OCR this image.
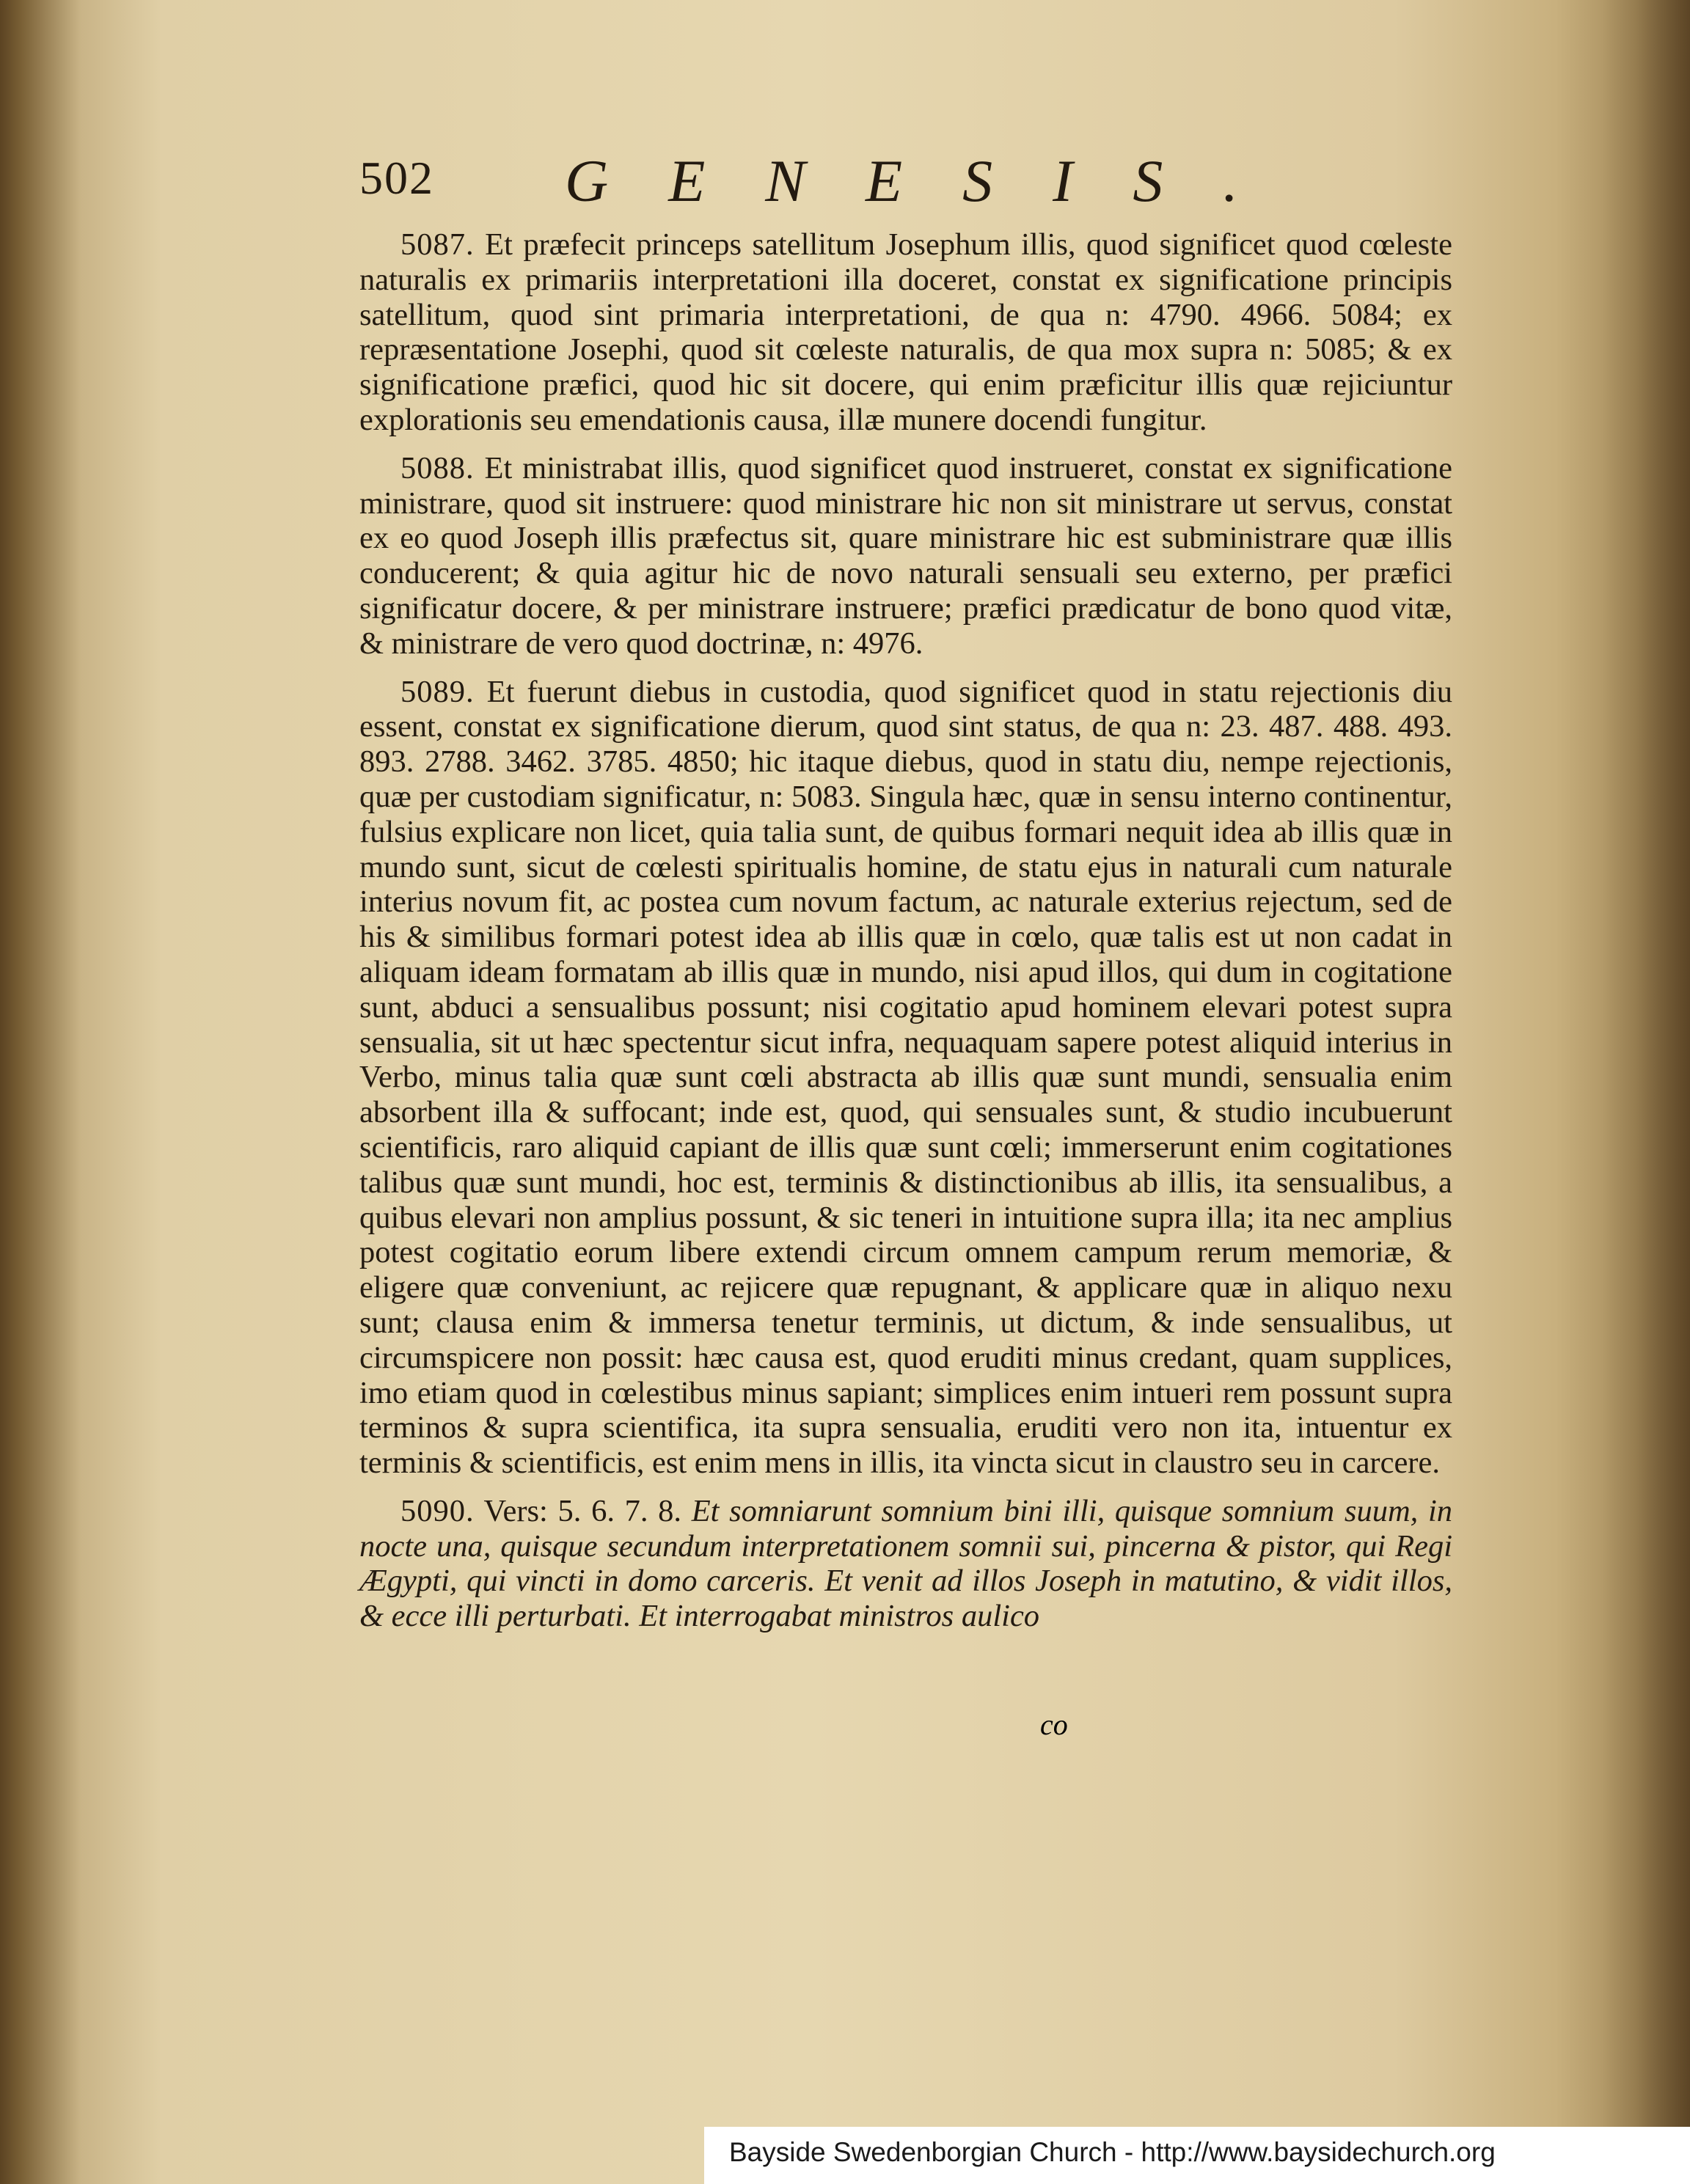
502 GENESIS.

5087. Et præfecit princeps satellitum Josephum illis, quod significet quod cœleste naturalis ex primariis interpretationi illa doceret, constat ex significatione principis satellitum, quod sint primaria interpretationi, de qua n: 4790. 4966. 5084; ex repræsentatione Josephi, quod sit cœleste naturalis, de qua mox supra n: 5085; & ex significatione præfici, quod hic sit docere, qui enim præficitur illis quæ rejiciuntur explorationis seu emendationis causa, illæ munere docendi fungitur.

5088. Et ministrabat illis, quod significet quod instrueret, constat ex significatione ministrare, quod sit instruere: quod ministrare hic non sit ministrare ut servus, constat ex eo quod Joseph illis præfectus sit, quare ministrare hic est subministrare quæ illis conducerent; & quia agitur hic de novo naturali sensuali seu externo, per præfici significatur docere, & per ministrare instruere; præfici prædicatur de bono quod vitæ, & ministrare de vero quod doctrinæ, n: 4976.

5089. Et fuerunt diebus in custodia, quod significet quod in statu rejectionis diu essent, constat ex significatione dierum, quod sint status, de qua n: 23. 487. 488. 493. 893. 2788. 3462. 3785. 4850; hic itaque diebus, quod in statu diu, nempe rejectionis, quæ per custodiam significatur, n: 5083. Singula hæc, quæ in sensu interno continentur, fulsius explicare non licet, quia talia sunt, de quibus formari nequit idea ab illis quæ in mundo sunt, sicut de cœlesti spiritualis homine, de statu ejus in naturali cum naturale interius novum fit, ac postea cum novum factum, ac naturale exterius rejectum, sed de his & similibus formari potest idea ab illis quæ in cœlo, quæ talis est ut non cadat in aliquam ideam formatam ab illis quæ in mundo, nisi apud illos, qui dum in cogitatione sunt, abduci a sensualibus possunt; nisi cogitatio apud hominem elevari potest supra sensualia, sit ut hæc spectentur sicut infra, nequaquam sapere potest aliquid interius in Verbo, minus talia quæ sunt cœli abstracta ab illis quæ sunt mundi, sensualia enim absorbent illa & suffocant; inde est, quod, qui sensuales sunt, & studio incubuerunt scientificis, raro aliquid capiant de illis quæ sunt cœli; immerserunt enim cogitationes talibus quæ sunt mundi, hoc est, terminis & distinctionibus ab illis, ita sensualibus, a quibus elevari non amplius possunt, & sic teneri in intuitione supra illa; ita nec amplius potest cogitatio eorum libere extendi circum omnem campum rerum memoriæ, & eligere quæ conveniunt, ac rejicere quæ repugnant, & applicare quæ in aliquo nexu sunt; clausa enim & immersa tenetur terminis, ut dictum, & inde sensualibus, ut circumspicere non possit: hæc causa est, quod eruditi minus credant, quam supplices, imo etiam quod in cœlestibus minus sapiant; simplices enim intueri rem possunt supra terminos & supra scientifica, ita supra sensualia, eruditi vero non ita, intuentur ex terminis & scientificis, est enim mens in illis, ita vincta sicut in claustro seu in carcere.

5090. Vers: 5. 6. 7. 8. Et somniarunt somnium bini illi, quisque somnium suum, in nocte una, quisque secundum interpretationem somnii sui, pincerna & pistor, qui Regi Ægypti, qui vincti in domo carceris. Et venit ad illos Joseph in matutino, & vidit illos, & ecce illi perturbati. Et interrogabat ministros aulico

co
Bayside Swedenborgian Church - http://www.baysidechurch.org
